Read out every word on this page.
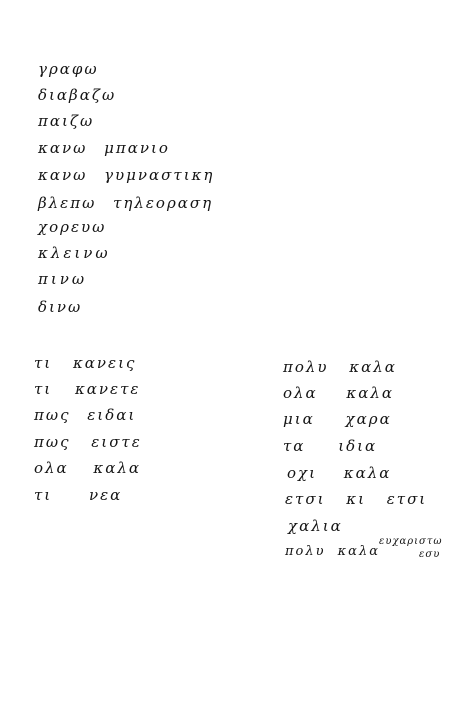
γραφω
διαβαζω
παιζω
κανω μπανιο
κανω γυμναστικη
βλεπω τηλεοραση
χορευω
κλεινω
πινω
δινω
τι κανεις
τι κανετε
πως ειδαι
πως ειστε
ολα καλα
τι νεα
πολυ καλα
ολα καλα
μια χαρα
τα ιδια
οχι καλα
ετσι κι ετσι
χαλια
πολυ καλα
ευχαριστω
εσυ
